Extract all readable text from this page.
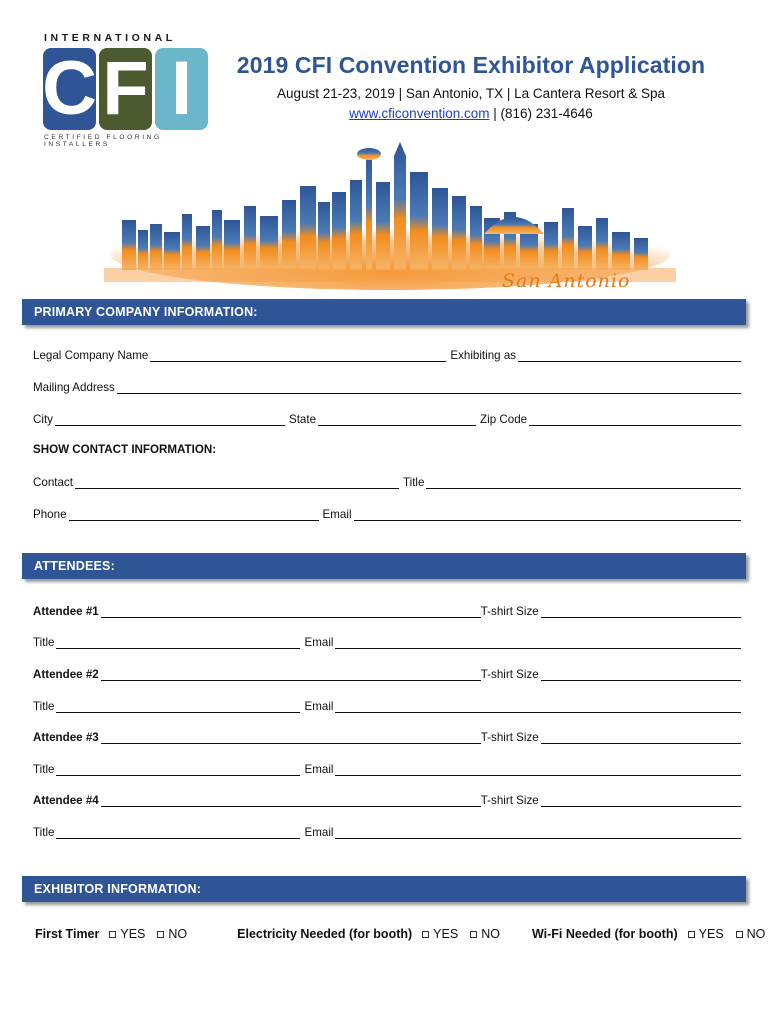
INTERNATIONAL
C F I
CERTIFIED FLOORING INSTALLERS
2019 CFI Convention Exhibitor Application
August 21-23, 2019 | San Antonio, TX | La Cantera Resort & Spa
www.cficonvention.com | (816) 231-4646
San Antonio
PRIMARY COMPANY INFORMATION:
Legal Company Name	Exhibiting as
Mailing Address
City	State	Zip Code
SHOW CONTACT INFORMATION:
Contact	Title
Phone	Email
ATTENDEES:
Attendee #1	T-shirt Size
Title	Email
Attendee #2	T-shirt Size
Title	Email
Attendee #3	T-shirt Size
Title	Email
Attendee #4	T-shirt Size
Title	Email
EXHIBITOR INFORMATION:
First Timer YES NO	Electricity Needed (for booth) YES NO	Wi-Fi Needed (for booth) YES NO
